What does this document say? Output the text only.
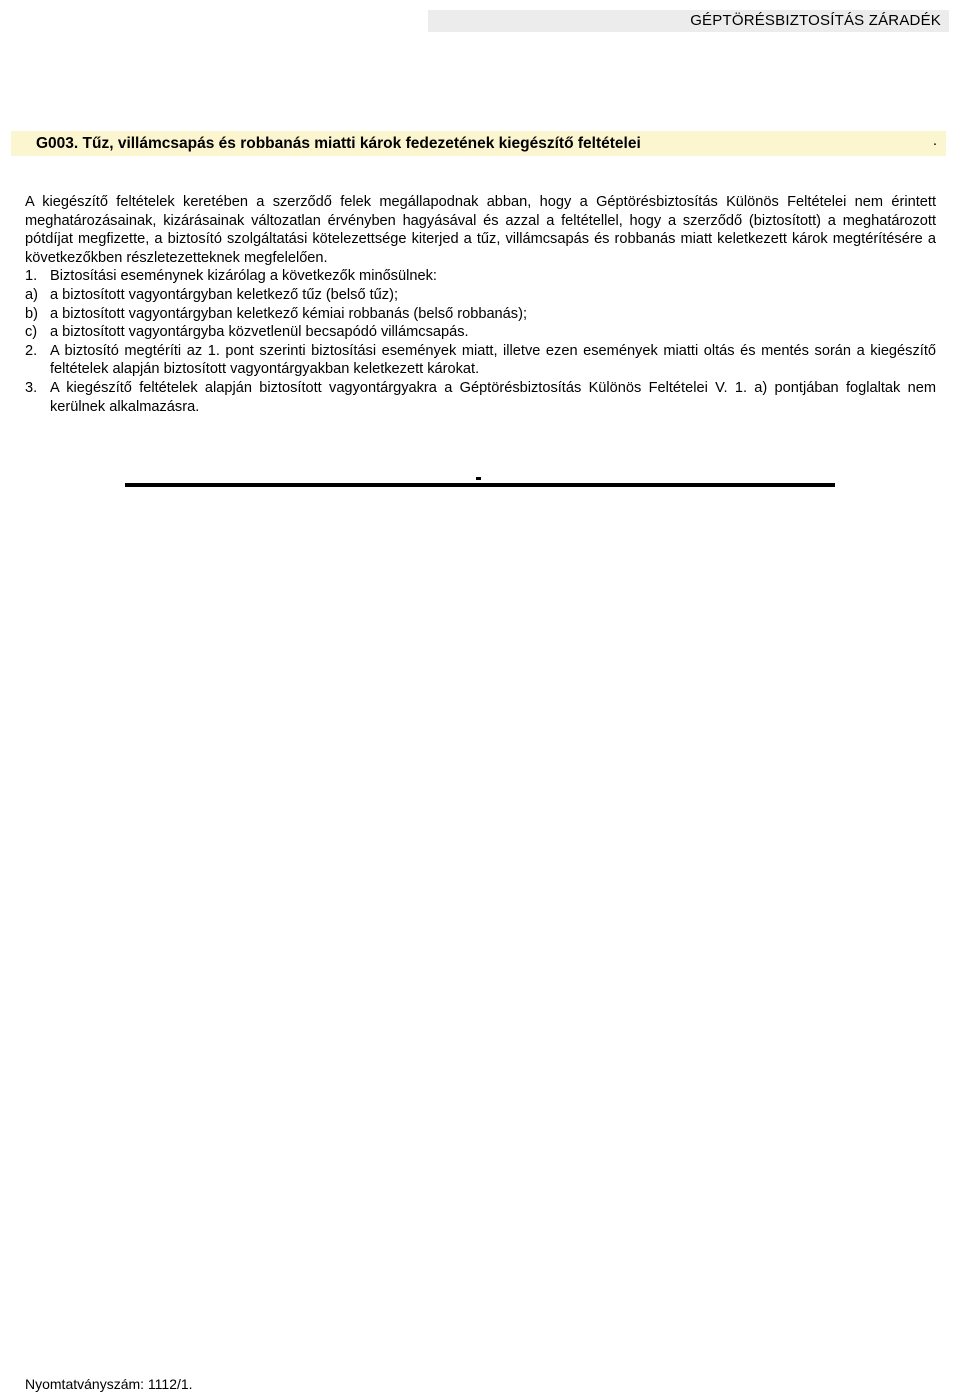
GÉPTÖRÉSBIZTOSÍTÁS ZÁRADÉK
G003. Tűz, villámcsapás és robbanás miatti károk fedezetének kiegészítő feltételei	.

A kiegészítő feltételek keretében a szerződő felek megállapodnak abban, hogy a Géptörésbiztosítás Különös Feltételei nem érintett meghatározásainak, kizárásainak változatlan érvényben hagyásával és azzal a feltétellel, hogy a szerződő (biztosított) a meghatározott pótdíjat megfizette, a biztosító szolgáltatási kötelezettsége kiterjed a tűz, villámcsapás és robbanás miatt keletkezett károk megtérítésére a következőkben részletezetteknek megfelelően.

1. Biztosítási eseménynek kizárólag a következők minősülnek:
a) a biztosított vagyontárgyban keletkező tűz (belső tűz);
b) a biztosított vagyontárgyban keletkező kémiai robbanás (belső robbanás);
c) a biztosított vagyontárgyba közvetlenül becsapódó villámcsapás.
2. A biztosító megtéríti az 1. pont szerinti biztosítási események miatt, illetve ezen események miatti oltás és mentés során a kiegészítő feltételek alapján biztosított vagyontárgyakban keletkezett károkat.
3. A kiegészítő feltételek alapján biztosított vagyontárgyakra a Géptörésbiztosítás Különös Feltételei V. 1. a) pontjában foglaltak nem kerülnek alkalmazásra.
Nyomtatványszám: 1112/1.
